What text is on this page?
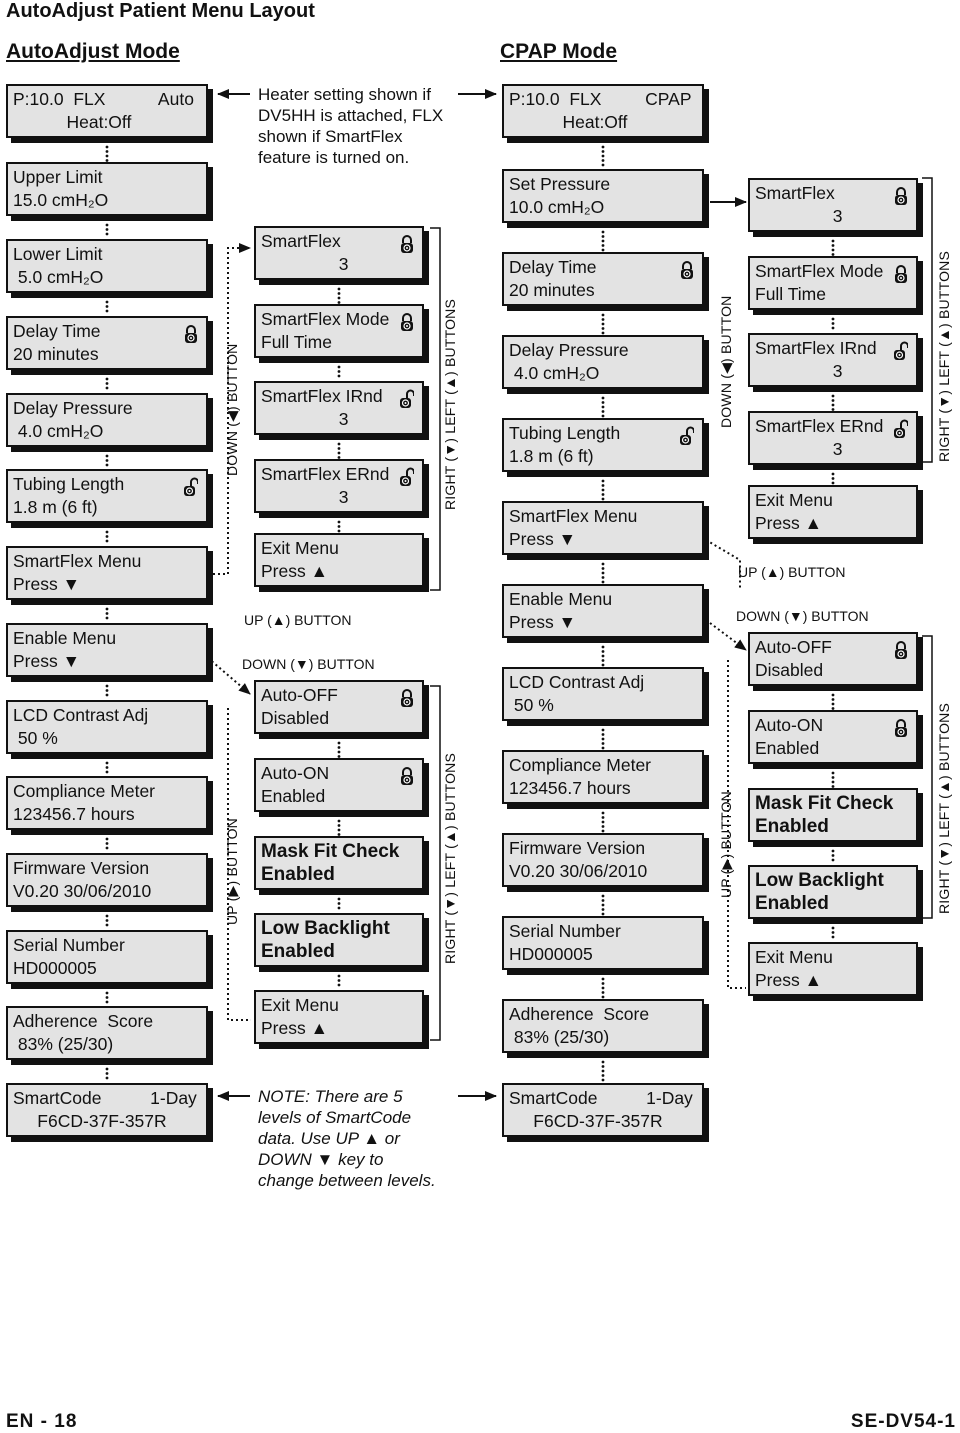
AutoAdjust Patient Menu Layout
AutoAdjust Mode	CPAP Mode
P:10.0  FLX           Auto
Heat:Off
Upper Limit
15.0 cmH₂O
Lower Limit
5.0 cmH₂O
Delay Time
20 minutes
Delay Pressure
4.0 cmH₂O
Tubing Length
1.8 m (6 ft)
SmartFlex Menu
Press ▼
Enable Menu
Press ▼
LCD Contrast Adj
50 %
Compliance Meter
123456.7 hours
Firmware Version
V0.20 30/06/2010
Serial Number
HD000005
Adherence  Score
83% (25/30)
SmartFlex
3
SmartFlex Mode
Full Time
SmartFlex IRnd
3
SmartFlex ERnd
3
Exit Menu
Press ▲
Auto-OFF
Disabled
Auto-ON
Enabled
Mask Fit Check
Enabled
Low Backlight
Enabled
Exit Menu
Press ▲
P:10.0  FLX         CPAP
Heat:Off
Set Pressure
10.0 cmH₂O
Delay Time
20 minutes
Delay Pressure
4.0 cmH₂O
Tubing Length
1.8 m (6 ft)
SmartFlex Menu
Press ▼
Enable Menu
Press ▼
LCD Contrast Adj
50 %
Compliance Meter
123456.7 hours
Firmware Version
V0.20 30/06/2010
Serial Number
HD000005
Adherence  Score
83% (25/30)
SmartFlex
3
SmartFlex Mode
Full Time
SmartFlex IRnd
3
SmartFlex ERnd
3
Exit Menu
Press ▲
Auto-OFF
Disabled
Auto-ON
Enabled
Mask Fit Check
Enabled
Low Backlight
Enabled
Exit Menu
Press ▲
SmartCode          1-Day
F6CD-37F-357R
SmartCode          1-Day
F6CD-37F-357R
Heater setting shown if
DV5HH is attached, FLX
shown if SmartFlex
feature is turned on.
NOTE: There are 5
levels of SmartCode
data. Use UP ▲ or
DOWN ▼ key to
change between levels.
DOWN (◀) BUTTON
UP (▶) BUTTON
RIGHT (▼) LEFT (▲) BUTTONS
RIGHT (▼) LEFT (▲) BUTTONS
DOWN (◀) BUTTON
UP (▶) BUTTON
RIGHT (▼) LEFT (▲) BUTTONS
RIGHT (▼) LEFT (▲) BUTTONS
UP (▲) BUTTON
DOWN (▼) BUTTON
UP (▲) BUTTON
DOWN (▼) BUTTON
EN - 18	SE-DV54-1
